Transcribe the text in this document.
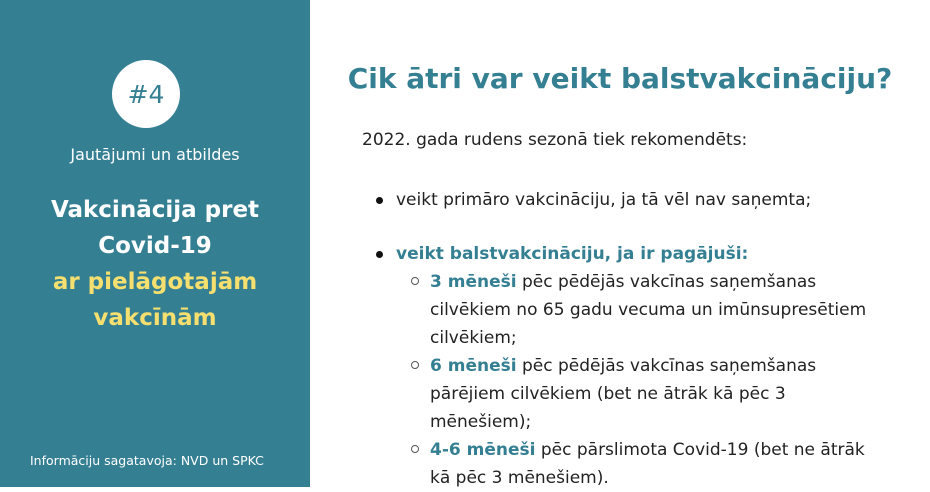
#4
Jautājumi un atbildes
Vakcinācija pret
Covid-19
ar pielāgotajām
vakcīnām
Informāciju sagatavoja: NVD un SPKC
Cik ātri var veikt balstvakcināciju?
2022. gada rudens sezonā tiek rekomendēts:
veikt primāro vakcināciju, ja tā vēl nav saņemta;
veikt balstvakcināciju, ja ir pagājuši:
3 mēneši pēc pēdējās vakcīnas saņemšanas cilvēkiem no 65 gadu vecuma un imūnsupresētiem cilvēkiem;
6 mēneši pēc pēdējās vakcīnas saņemšanas pārējiem cilvēkiem (bet ne ātrāk kā pēc 3 mēnešiem);
4-6 mēneši pēc pārslimota Covid-19 (bet ne ātrāk kā pēc 3 mēnešiem).
